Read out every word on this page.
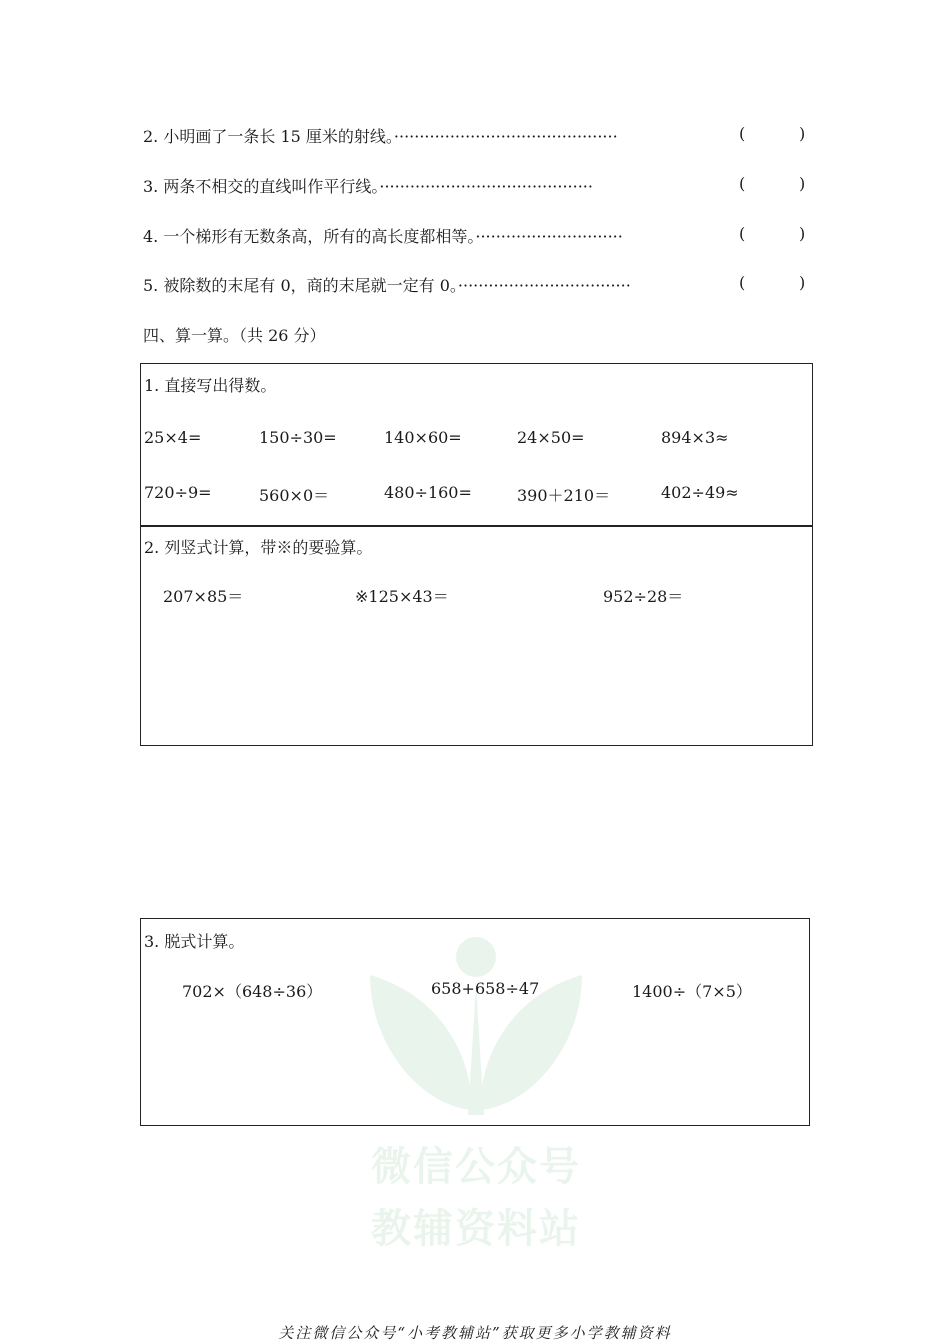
2. 小明画了一条长 15 厘米的射线。············································	(	)
3. 两条不相交的直线叫作平行线。··········································	(	)
4. 一个梯形有无数条高，所有的高长度都相等。·····························	(	)
5. 被除数的末尾有 0，商的末尾就一定有 0。··································	(	)
四、算一算。（共 26 分）
1. 直接写出得数。
25×4=	150÷30=	140×60=	24×50=	894×3≈
720÷9=	560×0＝	480÷160=	390＋210＝	402÷49≈
2. 列竖式计算，带※的要验算。
207×85＝	※125×43＝	952÷28＝
微信公众号
教辅资料站
3. 脱式计算。
702×（648÷36）	658+658÷47	1400÷（7×5）
关注微信公众号“小考教辅站”获取更多小学教辅资料
